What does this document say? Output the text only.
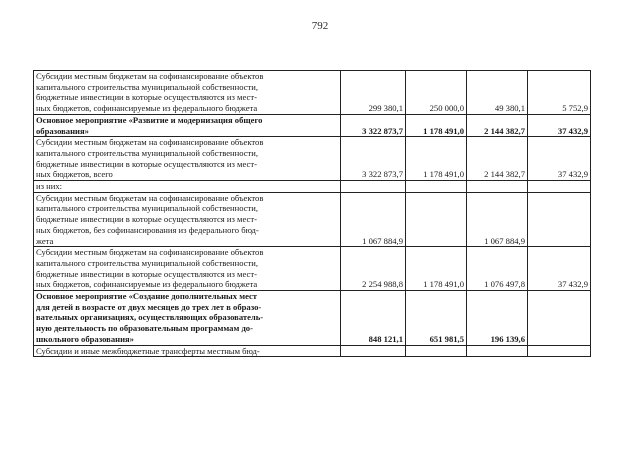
792
Субсидии местным бюджетам на софинансирование объектов
капитального строительства муниципальной собственности,
бюджетные инвестиции в которые осуществляются из мест-
ных бюджетов, софинансируемые из федерального бюджета	299 380,1	250 000,0	49 380,1	5 752,9

Основное мероприятие «Развитие и модернизация общего
образования»	3 322 873,7	1 178 491,0	2 144 382,7	37 432,9

Субсидии местным бюджетам на софинансирование объектов
капитального строительства муниципальной собственности,
бюджетные инвестиции в которые осуществляются из мест-
ных бюджетов, всего	3 322 873,7	1 178 491,0	2 144 382,7	37 432,9

из них:				

Субсидии местным бюджетам на софинансирование объектов
капитального строительства муниципальной собственности,
бюджетные инвестиции в которые осуществляются из мест-
ных бюджетов, без софинансирования из федерального бюд-
жета	1 067 884,9		1 067 884,9	

Субсидии местным бюджетам на софинансирование объектов
капитального строительства муниципальной собственности,
бюджетные инвестиции в которые осуществляются из мест-
ных бюджетов, софинансируемые из федерального бюджета	2 254 988,8	1 178 491,0	1 076 497,8	37 432,9

Основное мероприятие «Создание дополнительных мест
для детей в возрасте от двух месяцев до трех лет в образо-
вательных организациях, осуществляющих образователь-
ную деятельность по образовательным программам до-
школьного образования»	848 121,1	651 981,5	196 139,6	

Субсидии и иные межбюджетные трансферты местным бюд-				
